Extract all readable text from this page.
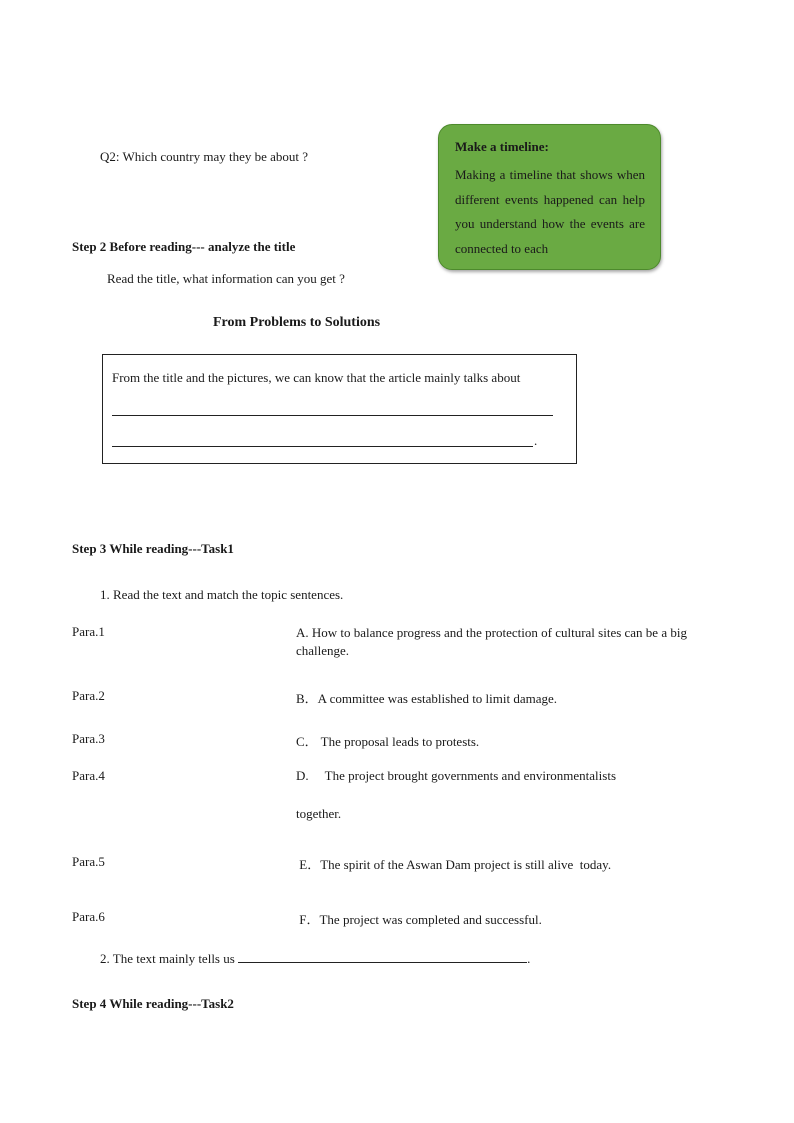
Q2: Which country may they be about ?
Make a timeline:
Making a timeline that shows when different events happened can help you understand how the events are connected to each
Step 2 Before reading--- analyze the title
Read the title, what information can you get ?
From Problems to Solutions
From the title and the pictures, we can know that the article mainly talks about
.
Step 3 While reading---Task1
1. Read the text and match the topic sentences.
Para.1	A. How to balance progress and the protection of cultural sites can be a big challenge.
Para.2	B．A committee was established to limit damage.
Para.3	C． The proposal leads to protests.
Para.4	D.     The project brought governments and environmentalists
together.
Para.5	E．The spirit of the Aswan Dam project is still alive  today.
Para.6	F．The project was completed and successful.
2. The text mainly tells us	.
Step 4 While reading---Task2
